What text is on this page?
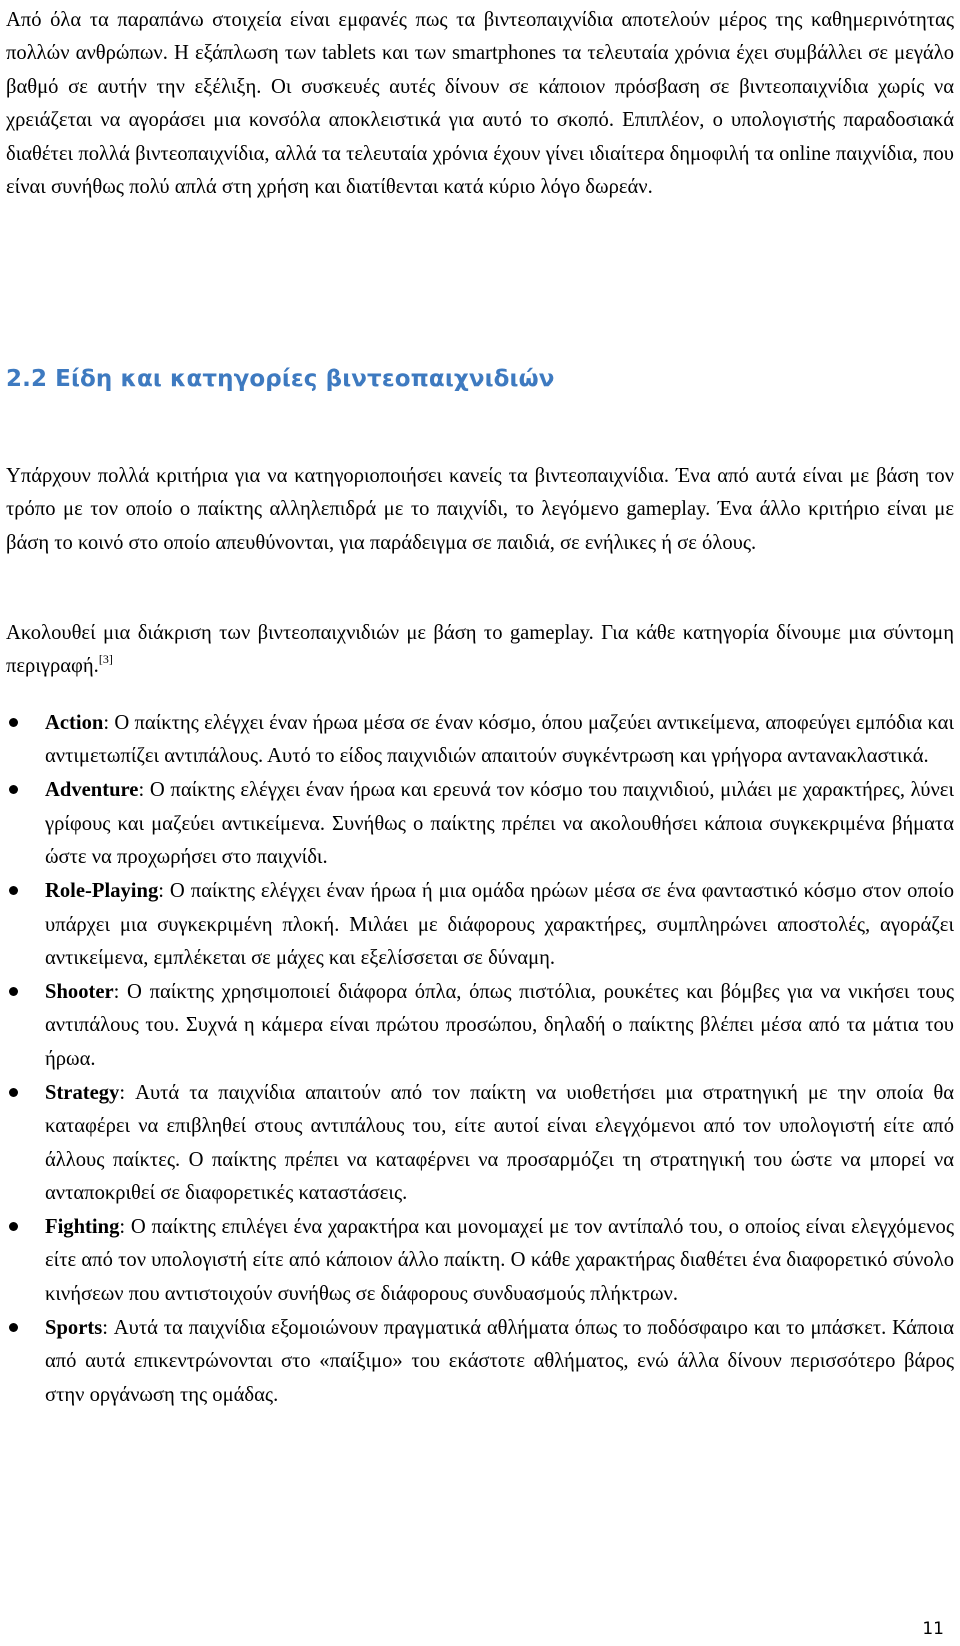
Από όλα τα παραπάνω στοιχεία είναι εμφανές πως τα βιντεοπαιχνίδια αποτελούν μέρος της καθημερινότητας πολλών ανθρώπων. Η εξάπλωση των tablets και των smartphones τα τελευταία χρόνια έχει συμβάλλει σε μεγάλο βαθμό σε αυτήν την εξέλιξη. Οι συσκευές αυτές δίνουν σε κάποιον πρόσβαση σε βιντεοπαιχνίδια χωρίς να χρειάζεται να αγοράσει μια κονσόλα αποκλειστικά για αυτό το σκοπό. Επιπλέον, ο υπολογιστής παραδοσιακά διαθέτει πολλά βιντεοπαιχνίδια, αλλά τα τελευταία χρόνια έχουν γίνει ιδιαίτερα δημοφιλή τα online παιχνίδια, που είναι συνήθως πολύ απλά στη χρήση και διατίθενται κατά κύριο λόγο δωρεάν.

2.2 Είδη και κατηγορίες βιντεοπαιχνιδιών

Υπάρχουν πολλά κριτήρια για να κατηγοριοποιήσει κανείς τα βιντεοπαιχνίδια. Ένα από αυτά είναι με βάση τον τρόπο με τον οποίο ο παίκτης αλληλεπιδρά με το παιχνίδι, το λεγόμενο gameplay. Ένα άλλο κριτήριο είναι με βάση το κοινό στο οποίο απευθύνονται, για παράδειγμα σε παιδιά, σε ενήλικες ή σε όλους.

Ακολουθεί μια διάκριση των βιντεοπαιχνιδιών με βάση το gameplay. Για κάθε κατηγορία δίνουμε μια σύντομη περιγραφή.[3]

Action: Ο παίκτης ελέγχει έναν ήρωα μέσα σε έναν κόσμο, όπου μαζεύει αντικείμενα, αποφεύγει εμπόδια και αντιμετωπίζει αντιπάλους. Αυτό το είδος παιχνιδιών απαιτούν συγκέντρωση και γρήγορα αντανακλαστικά.
Adventure: Ο παίκτης ελέγχει έναν ήρωα και ερευνά τον κόσμο του παιχνιδιού, μιλάει με χαρακτήρες, λύνει γρίφους και μαζεύει αντικείμενα. Συνήθως ο παίκτης πρέπει να ακολουθήσει κάποια συγκεκριμένα βήματα ώστε να προχωρήσει στο παιχνίδι.
Role-Playing: Ο παίκτης ελέγχει έναν ήρωα ή μια ομάδα ηρώων μέσα σε ένα φανταστικό κόσμο στον οποίο υπάρχει μια συγκεκριμένη πλοκή. Μιλάει με διάφορους χαρακτήρες, συμπληρώνει αποστολές, αγοράζει αντικείμενα, εμπλέκεται σε μάχες και εξελίσσεται σε δύναμη.
Shooter: Ο παίκτης χρησιμοποιεί διάφορα όπλα, όπως πιστόλια, ρουκέτες και βόμβες για να νικήσει τους αντιπάλους του. Συχνά η κάμερα είναι πρώτου προσώπου, δηλαδή ο παίκτης βλέπει μέσα από τα μάτια του ήρωα.
Strategy: Αυτά τα παιχνίδια απαιτούν από τον παίκτη να υιοθετήσει μια στρατηγική με την οποία θα καταφέρει να επιβληθεί στους αντιπάλους του, είτε αυτοί είναι ελεγχόμενοι από τον υπολογιστή είτε από άλλους παίκτες. Ο παίκτης πρέπει να καταφέρνει να προσαρμόζει τη στρατηγική του ώστε να μπορεί να ανταποκριθεί σε διαφορετικές καταστάσεις.
Fighting: Ο παίκτης επιλέγει ένα χαρακτήρα και μονομαχεί με τον αντίπαλό του, ο οποίος είναι ελεγχόμενος είτε από τον υπολογιστή είτε από κάποιον άλλο παίκτη. Ο κάθε χαρακτήρας διαθέτει ένα διαφορετικό σύνολο κινήσεων που αντιστοιχούν συνήθως σε διάφορους συνδυασμούς πλήκτρων.
Sports: Αυτά τα παιχνίδια εξομοιώνουν πραγματικά αθλήματα όπως το ποδόσφαιρο και το μπάσκετ. Κάποια από αυτά επικεντρώνονται στο «παίξιμο» του εκάστοτε αθλήματος, ενώ άλλα δίνουν περισσότερο βάρος στην οργάνωση της ομάδας.
11
